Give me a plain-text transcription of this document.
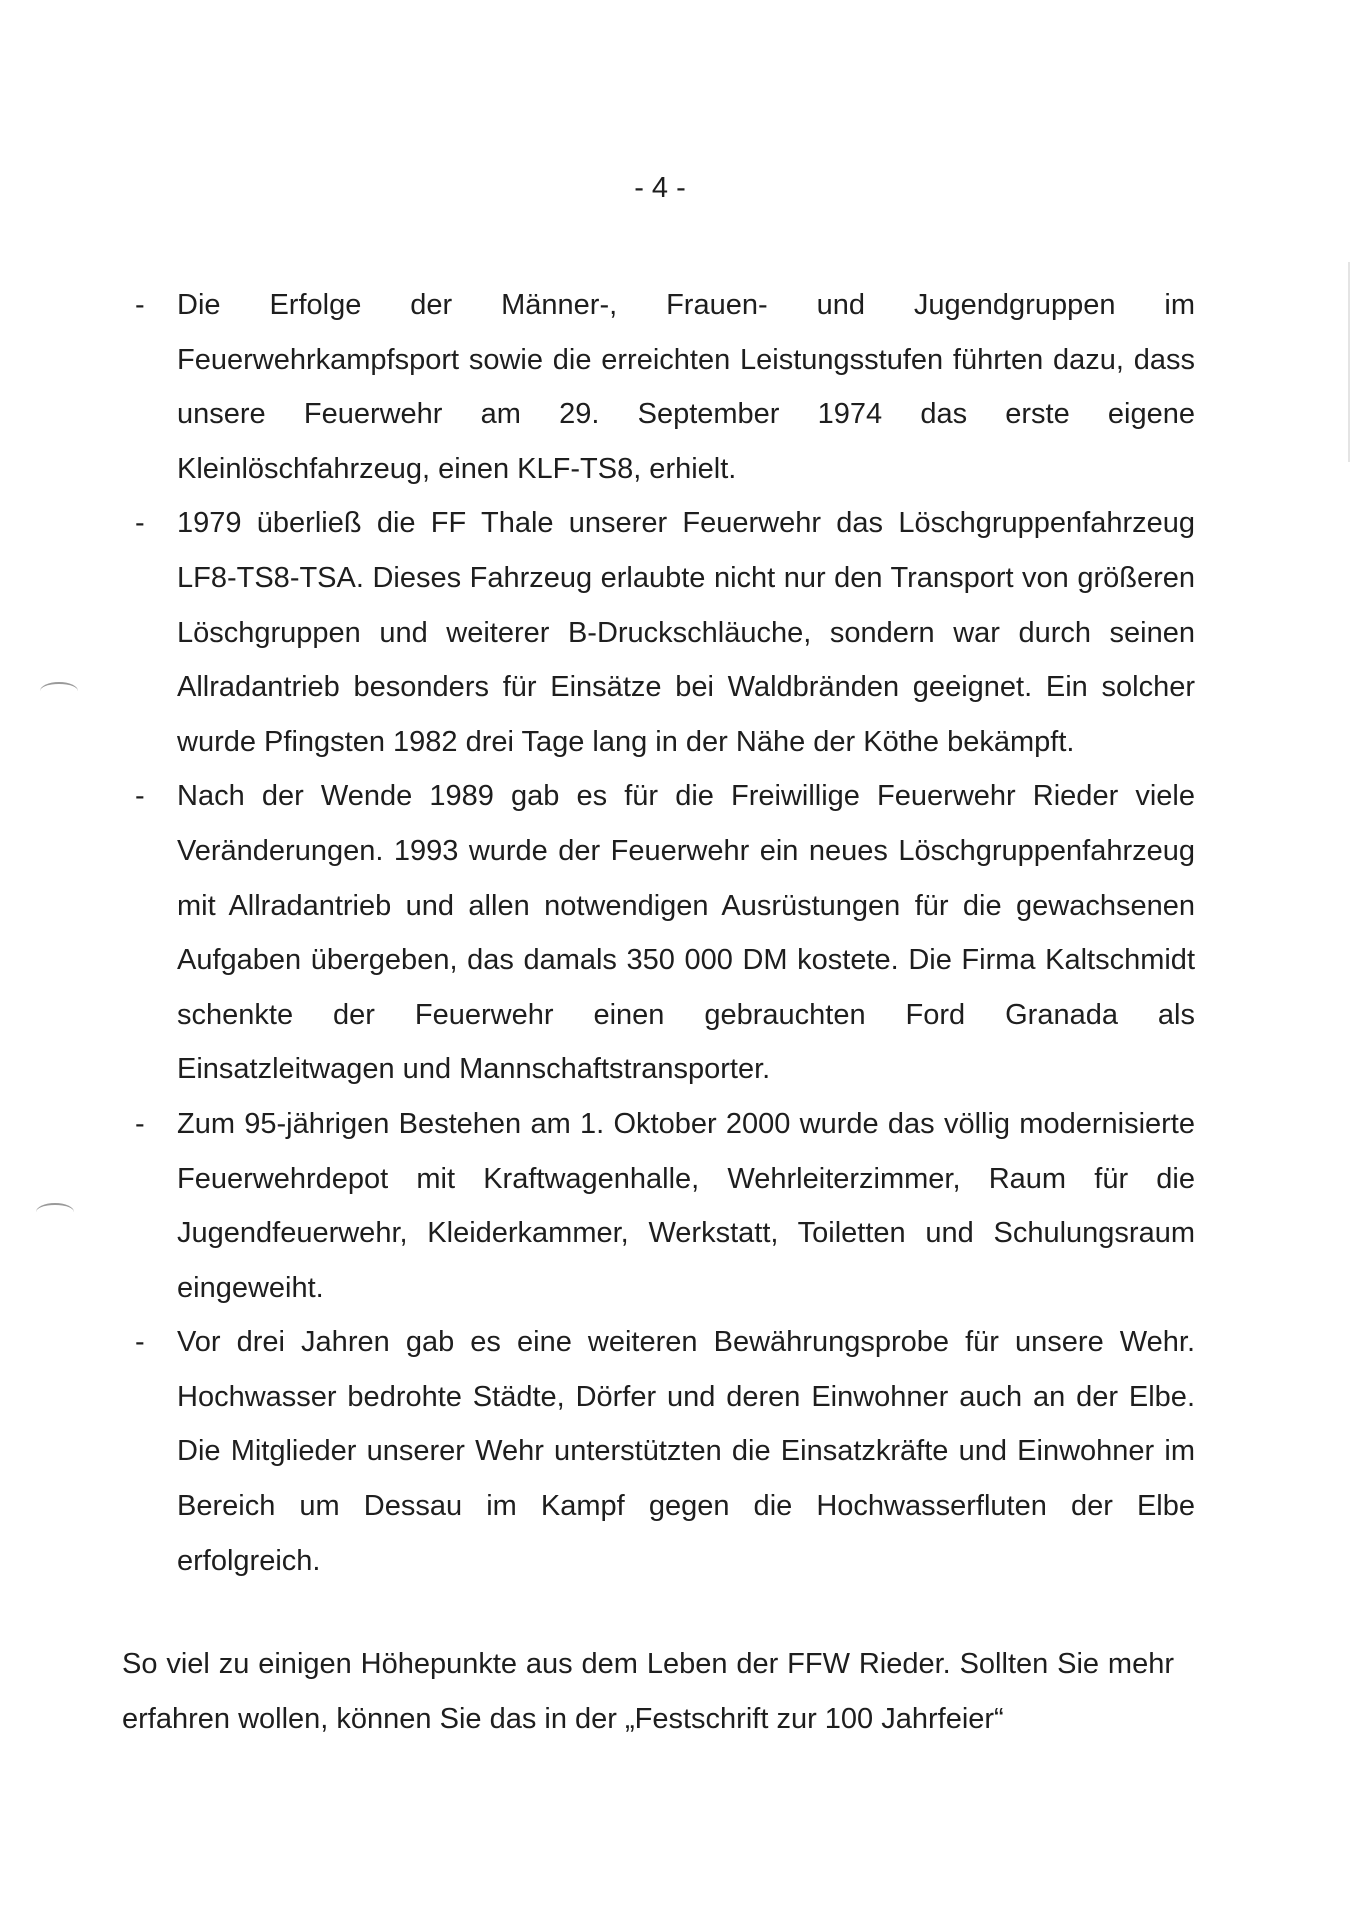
- 4 -
- Die Erfolge der Männer-, Frauen- und Jugendgruppen im Feuerwehrkampfsport sowie die erreichten Leistungsstufen führten dazu, dass unsere Feuerwehr am 29. September 1974 das erste eigene Kleinlöschfahrzeug, einen KLF-TS8, erhielt.
- 1979 überließ die FF Thale unserer Feuerwehr das Löschgruppenfahrzeug LF8-TS8-TSA. Dieses Fahrzeug erlaubte nicht nur den Transport von größeren Löschgruppen und weiterer B-Druckschläuche, sondern war durch seinen Allradantrieb besonders für Einsätze bei Waldbränden geeignet. Ein solcher wurde Pfingsten 1982 drei Tage lang in der Nähe der Köthe bekämpft.
- Nach der Wende 1989 gab es für die Freiwillige Feuerwehr Rieder viele Veränderungen. 1993 wurde der Feuerwehr ein neues Löschgruppenfahrzeug mit Allradantrieb und allen notwendigen Ausrüstungen für die gewachsenen Aufgaben übergeben, das damals 350 000 DM kostete. Die Firma Kaltschmidt schenkte der Feuerwehr einen gebrauchten Ford Granada als Einsatzleitwagen und Mannschaftstransporter.
- Zum 95-jährigen Bestehen am 1. Oktober 2000 wurde das völlig modernisierte Feuerwehrdepot mit Kraftwagenhalle, Wehrleiterzimmer, Raum für die Jugendfeuerwehr, Kleiderkammer, Werkstatt, Toiletten und Schulungsraum eingeweiht.
- Vor drei Jahren gab es eine weiteren Bewährungsprobe für unsere Wehr. Hochwasser bedrohte Städte, Dörfer und deren Einwohner auch an der Elbe. Die Mitglieder unserer Wehr unterstützten die Einsatzkräfte und Einwohner im Bereich um Dessau im Kampf gegen die Hochwasserfluten der Elbe erfolgreich.

So viel zu einigen Höhepunkte aus dem Leben der FFW Rieder. Sollten Sie mehr erfahren wollen, können Sie das in der „Festschrift zur 100 Jahrfeier“
